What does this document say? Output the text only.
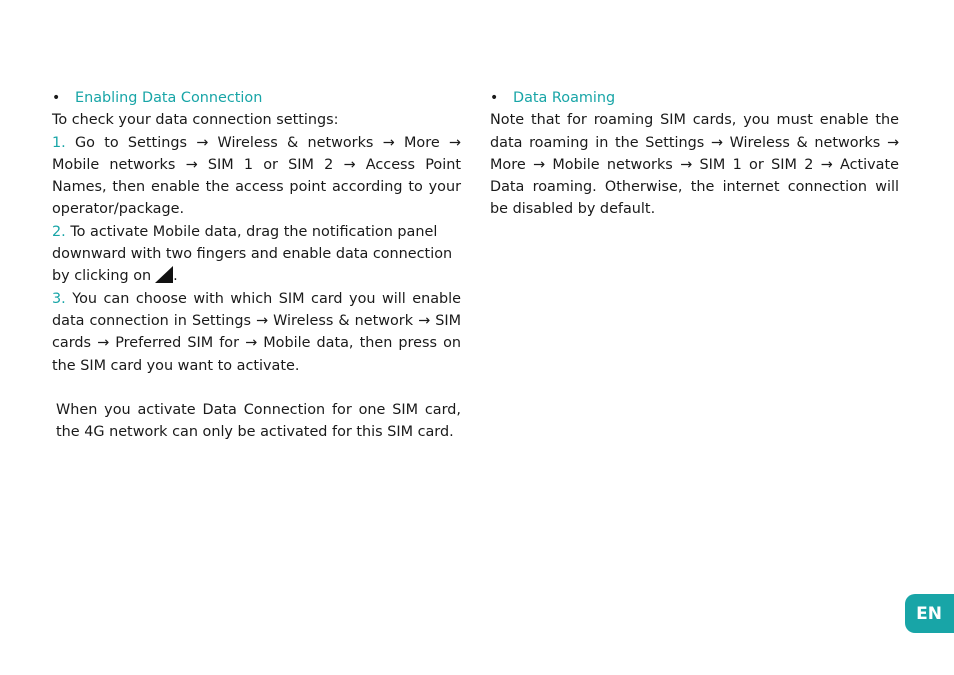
•	Enabling Data Connection

To check your data connection settings:

1. Go to Settings → Wireless & networks → More → Mobile networks → SIM 1 or SIM 2 → Access Point Names, then enable the access point according to your operator/package.

2. To activate Mobile data, drag the notification panel downward with two fingers and enable data connection by clicking on .

3. You can choose with which SIM card you will enable data connection in Settings → Wireless & network → SIM cards → Preferred SIM for → Mobile data, then press on the SIM card you want to activate.

When you activate Data Connection for one SIM card, the 4G network can only be activated for this SIM card.

•	Data Roaming

Note that for roaming SIM cards, you must enable the data roaming in the Settings → Wireless & networks → More → Mobile networks → SIM 1 or SIM 2 → Activate Data roaming. Otherwise, the internet connection will be disabled by default.

EN
